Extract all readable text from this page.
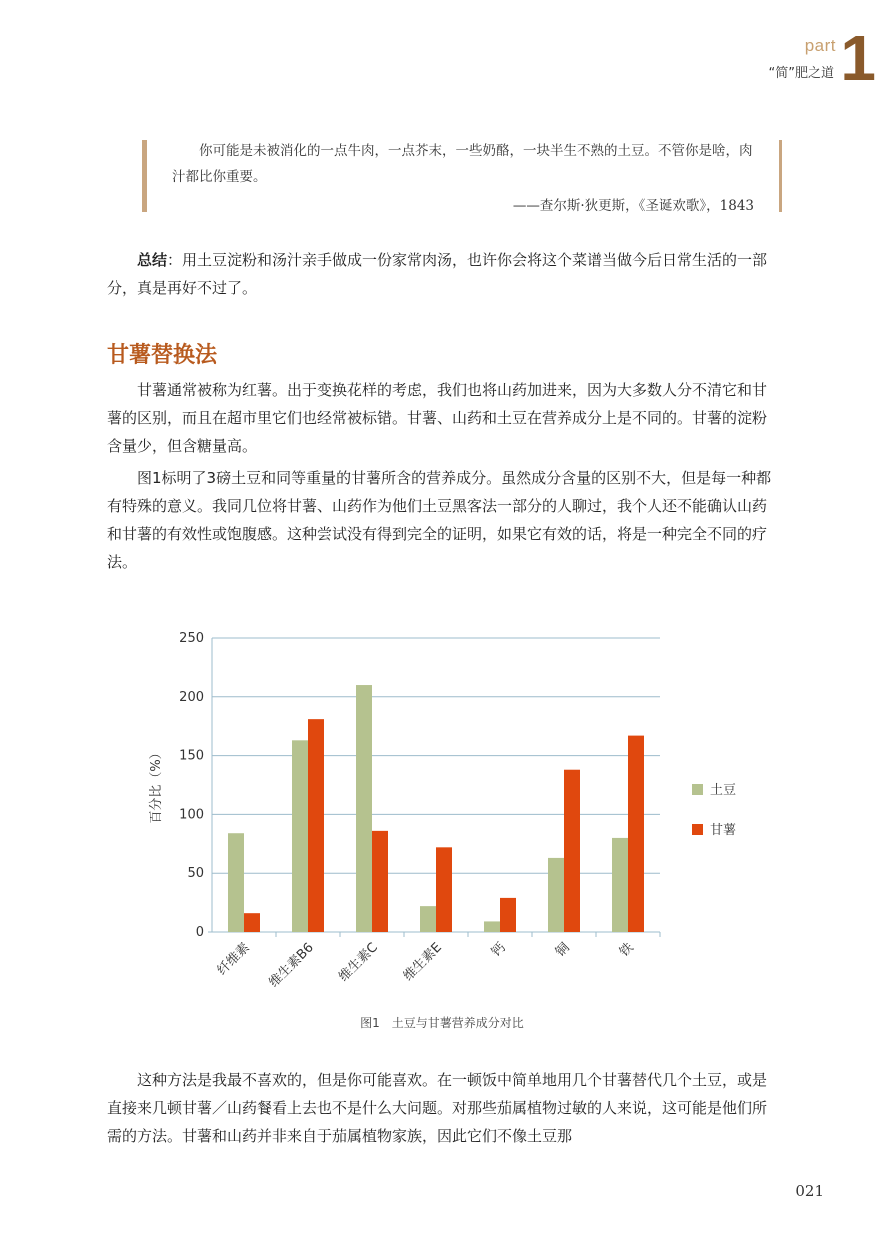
part 1
“简”肥之道
你可能是未被消化的一点牛肉，一点芥末，一些奶酪，一块半生不熟的土豆。不管你是啥，肉汁都比你重要。
——查尔斯·狄更斯，《圣诞欢歌》，1843
总结：用土豆淀粉和汤汁亲手做成一份家常肉汤，也许你会将这个菜谱当做今后日常生活的一部分，真是再好不过了。
甘薯替换法
甘薯通常被称为红薯。出于变换花样的考虑，我们也将山药加进来，因为大多数人分不清它和甘薯的区别，而且在超市里它们也经常被标错。甘薯、山药和土豆在营养成分上是不同的。甘薯的淀粉含量少，但含糖量高。
图1标明了3磅土豆和同等重量的甘薯所含的营养成分。虽然成分含量的区别不大，但是每一种都有特殊的意义。我同几位将甘薯、山药作为他们土豆黑客法一部分的人聊过，我个人还不能确认山药和甘薯的有效性或饱腹感。这种尝试没有得到完全的证明，如果它有效的话，将是一种完全不同的疗法。
0
50
100
150
200
250
百分比（%）
纤维素 维生素B6 维生素C 维生素E	钙	铜	铁
土豆
甘薯
图1　土豆与甘薯营养成分对比
这种方法是我最不喜欢的，但是你可能喜欢。在一顿饭中简单地用几个甘薯替代几个土豆，或是直接来几顿甘薯／山药餐看上去也不是什么大问题。对那些茄属植物过敏的人来说，这可能是他们所需的方法。甘薯和山药并非来自于茄属植物家族，因此它们不像土豆那
021
